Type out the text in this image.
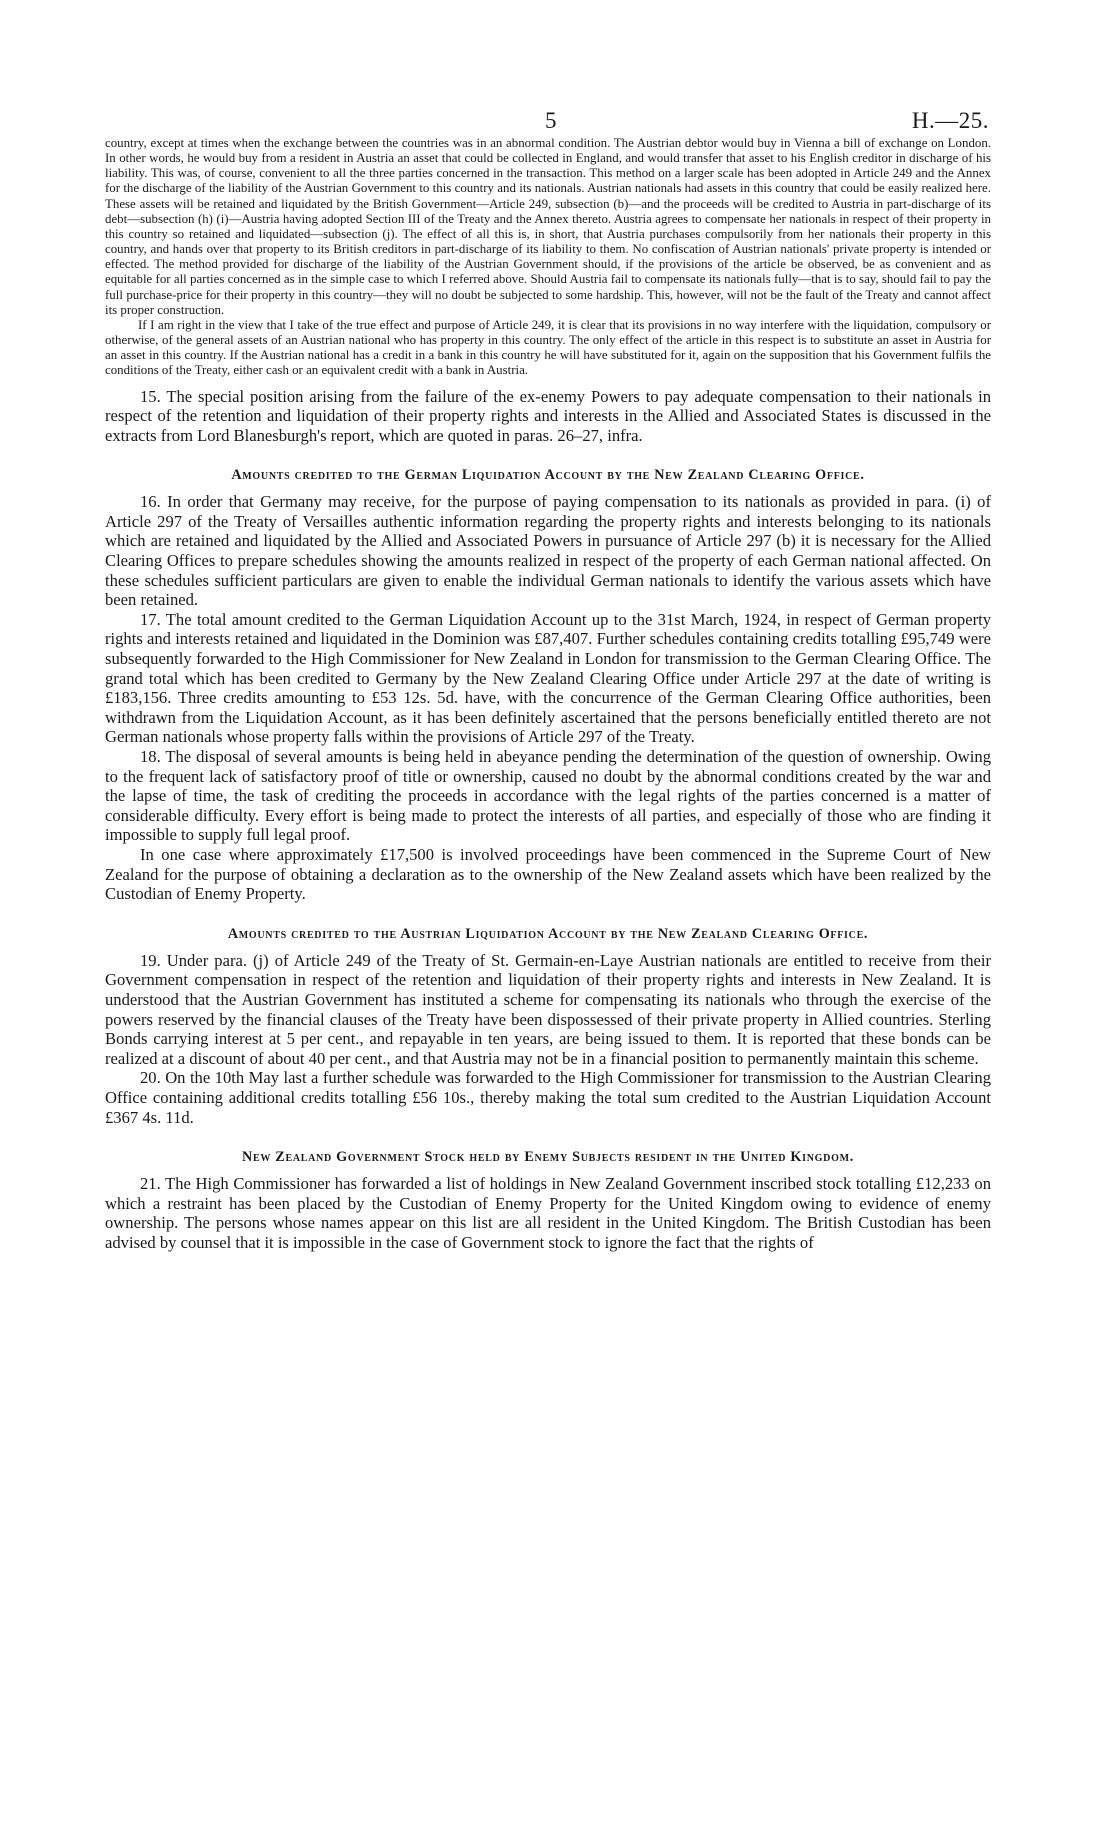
5	H.—25.

country, except at times when the exchange between the countries was in an abnormal condition. The Austrian debtor would buy in Vienna a bill of exchange on London. In other words, he would buy from a resident in Austria an asset that could be collected in England, and would transfer that asset to his English creditor in discharge of his liability. This was, of course, convenient to all the three parties concerned in the transaction. This method on a larger scale has been adopted in Article 249 and the Annex for the discharge of the liability of the Austrian Government to this country and its nationals. Austrian nationals had assets in this country that could be easily realized here. These assets will be retained and liquidated by the British Government—Article 249, subsection (b)—and the proceeds will be credited to Austria in part-discharge of its debt—subsection (h) (i)—Austria having adopted Section III of the Treaty and the Annex thereto. Austria agrees to compensate her nationals in respect of their property in this country so retained and liquidated—subsection (j). The effect of all this is, in short, that Austria purchases compulsorily from her nationals their property in this country, and hands over that property to its British creditors in part-discharge of its liability to them. No confiscation of Austrian nationals' private property is intended or effected. The method provided for discharge of the liability of the Austrian Government should, if the provisions of the article be observed, be as convenient and as equitable for all parties concerned as in the simple case to which I referred above. Should Austria fail to compensate its nationals fully—that is to say, should fail to pay the full purchase-price for their property in this country—they will no doubt be subjected to some hardship. This, however, will not be the fault of the Treaty and cannot affect its proper construction.

If I am right in the view that I take of the true effect and purpose of Article 249, it is clear that its provisions in no way interfere with the liquidation, compulsory or otherwise, of the general assets of an Austrian national who has property in this country. The only effect of the article in this respect is to substitute an asset in Austria for an asset in this country. If the Austrian national has a credit in a bank in this country he will have substituted for it, again on the supposition that his Government fulfils the conditions of the Treaty, either cash or an equivalent credit with a bank in Austria.

15. The special position arising from the failure of the ex-enemy Powers to pay adequate compensation to their nationals in respect of the retention and liquidation of their property rights and interests in the Allied and Associated States is discussed in the extracts from Lord Blanesburgh's report, which are quoted in paras. 26–27, infra.

Amounts credited to the German Liquidation Account by the New Zealand Clearing Office.

16. In order that Germany may receive, for the purpose of paying compensation to its nationals as provided in para. (i) of Article 297 of the Treaty of Versailles authentic information regarding the property rights and interests belonging to its nationals which are retained and liquidated by the Allied and Associated Powers in pursuance of Article 297 (b) it is necessary for the Allied Clearing Offices to prepare schedules showing the amounts realized in respect of the property of each German national affected. On these schedules sufficient particulars are given to enable the individual German nationals to identify the various assets which have been retained.

17. The total amount credited to the German Liquidation Account up to the 31st March, 1924, in respect of German property rights and interests retained and liquidated in the Dominion was £87,407. Further schedules containing credits totalling £95,749 were subsequently forwarded to the High Commissioner for New Zealand in London for transmission to the German Clearing Office. The grand total which has been credited to Germany by the New Zealand Clearing Office under Article 297 at the date of writing is £183,156. Three credits amounting to £53 12s. 5d. have, with the concurrence of the German Clearing Office authorities, been withdrawn from the Liquidation Account, as it has been definitely ascertained that the persons beneficially entitled thereto are not German nationals whose property falls within the provisions of Article 297 of the Treaty.

18. The disposal of several amounts is being held in abeyance pending the determination of the question of ownership. Owing to the frequent lack of satisfactory proof of title or ownership, caused no doubt by the abnormal conditions created by the war and the lapse of time, the task of crediting the proceeds in accordance with the legal rights of the parties concerned is a matter of considerable difficulty. Every effort is being made to protect the interests of all parties, and especially of those who are finding it impossible to supply full legal proof.

In one case where approximately £17,500 is involved proceedings have been commenced in the Supreme Court of New Zealand for the purpose of obtaining a declaration as to the ownership of the New Zealand assets which have been realized by the Custodian of Enemy Property.

Amounts credited to the Austrian Liquidation Account by the New Zealand Clearing Office.

19. Under para. (j) of Article 249 of the Treaty of St. Germain-en-Laye Austrian nationals are entitled to receive from their Government compensation in respect of the retention and liquidation of their property rights and interests in New Zealand. It is understood that the Austrian Government has instituted a scheme for compensating its nationals who through the exercise of the powers reserved by the financial clauses of the Treaty have been dispossessed of their private property in Allied countries. Sterling Bonds carrying interest at 5 per cent., and repayable in ten years, are being issued to them. It is reported that these bonds can be realized at a discount of about 40 per cent., and that Austria may not be in a financial position to permanently maintain this scheme.

20. On the 10th May last a further schedule was forwarded to the High Commissioner for transmission to the Austrian Clearing Office containing additional credits totalling £56 10s., thereby making the total sum credited to the Austrian Liquidation Account £367 4s. 11d.

New Zealand Government Stock held by Enemy Subjects resident in the United Kingdom.

21. The High Commissioner has forwarded a list of holdings in New Zealand Government inscribed stock totalling £12,233 on which a restraint has been placed by the Custodian of Enemy Property for the United Kingdom owing to evidence of enemy ownership. The persons whose names appear on this list are all resident in the United Kingdom. The British Custodian has been advised by counsel that it is impossible in the case of Government stock to ignore the fact that the rights of
